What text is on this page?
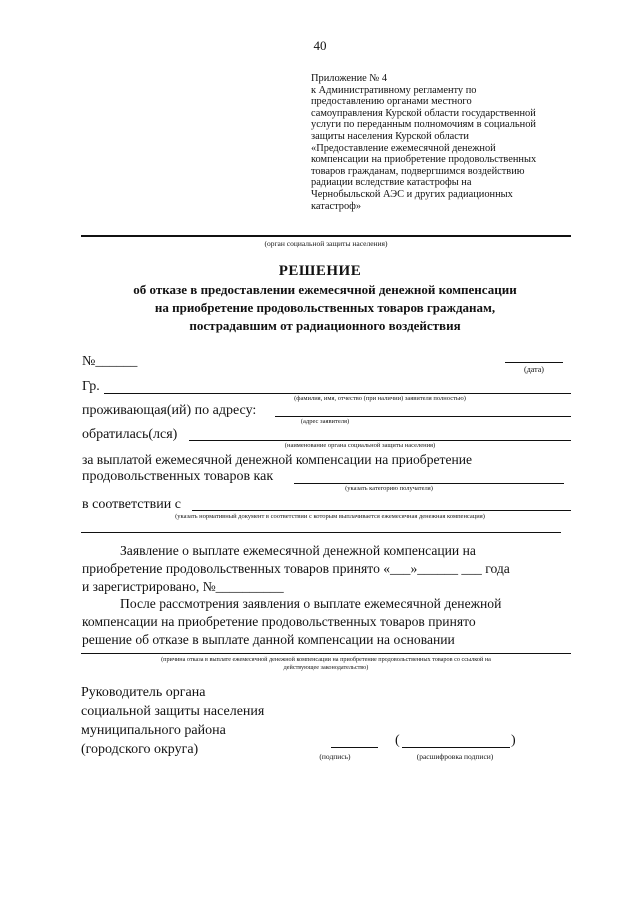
40
Приложение № 4
к Административному регламенту по
предоставлению органами местного
самоуправления Курской области государственной
услуги по переданным полномочиям в социальной
защиты населения Курской области
«Предоставление ежемесячной денежной
компенсации на приобретение продовольственных
товаров гражданам, подвергшимся воздействию
радиации вследствие катастрофы на
Чернобыльской АЭС и других радиационных
катастроф»
(орган социальной защиты населения)
РЕШЕНИЕ
об отказе в предоставлении ежемесячной денежной компенсации
на приобретение продовольственных товаров гражданам,
пострадавшим от радиационного воздействия
№______
(дата)
Гр.
(фамилия, имя, отчество (при наличии) заявителя полностью)
проживающая(ий) по адресу:
(адрес заявителя)
обратилась(лся)
(наименование органа социальной защиты населения)
за выплатой ежемесячной денежной компенсации на приобретение
продовольственных товаров как
(указать категорию получателя)
в соответствии с
(указать нормативный документ в соответствии с которым выплачивается ежемесячная денежная компенсация)
Заявление о выплате ежемесячной денежной компенсации на
приобретение продовольственных товаров принято «___»______ ___ года
и зарегистрировано, №__________
После рассмотрения заявления о выплате ежемесячной денежной
компенсации на приобретение продовольственных товаров принято
решение об отказе в выплате данной компенсации на основании
(причина отказа в выплате ежемесячной денежной компенсации на приобретение продовольственных товаров со ссылкой на
действующее законодательство)
Руководитель органа
социальной защиты населения
муниципального района
(городского округа)	(подпись)
(	)
(расшифровка подписи)
